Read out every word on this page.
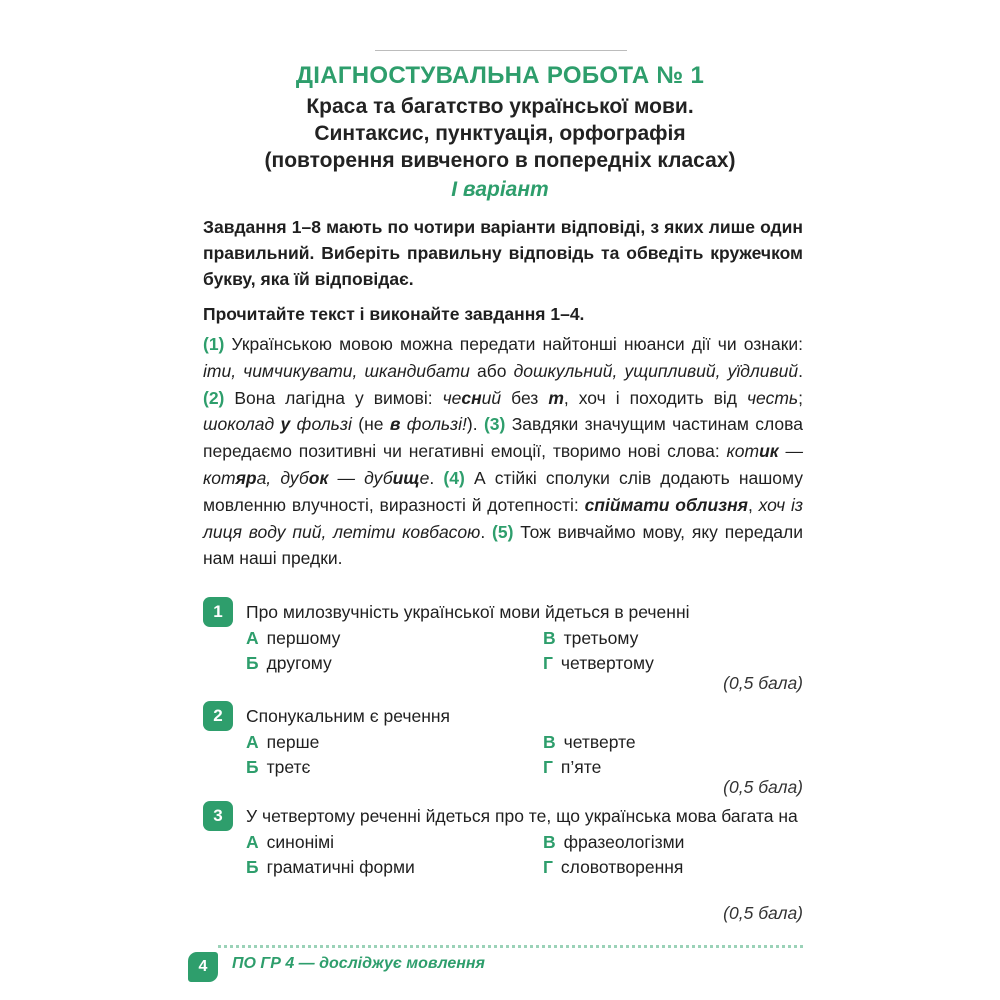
ДІАГНОСТУВАЛЬНА РОБОТА № 1
Краса та багатство української мови.
Синтаксис, пунктуація, орфографія
(повторення вивченого в попередніх класах)
І варіант

Завдання 1–8 мають по чотири варіанти відповіді, з яких лише один правильний. Виберіть правильну відповідь та обведіть кружечком букву, яка їй відповідає.

Прочитайте текст і виконайте завдання 1–4.

(1) Українською мовою можна передати найтонші нюанси дії чи ознаки: іти, чимчикувати, шкандибати або дошкульний, ущипливий, уїдливий. (2) Вона лагідна у вимові: чесний без т, хоч і походить від честь; шоколад у фользі (не в фользі!). (3) Завдяки значущим частинам слова передаємо позитивні чи негативні емоції, творимо нові слова: котик — котяра, дубок — дубище. (4) А стійкі сполуки слів додають нашому мовленню влучності, виразності й дотепності: спіймати облизня, хоч із лиця воду пий, летіти ковбасою. (5) Тож вивчаймо мову, яку передали нам наші предки.

1	Про милозвучність української мови йдеться в реченні
А першому
Б другому
В третьому
Г четвертому
(0,5 бала)
2	Спонукальним є речення
А перше
Б третє
В четверте
Г п’яте
(0,5 бала)
3	У четвертому реченні йдеться про те, що українська мова багата на
А синонімі
Б граматичні форми
В фразеологізми
Г словотворення
(0,5 бала)
4	ПО ГР 4 — досліджує мовлення
